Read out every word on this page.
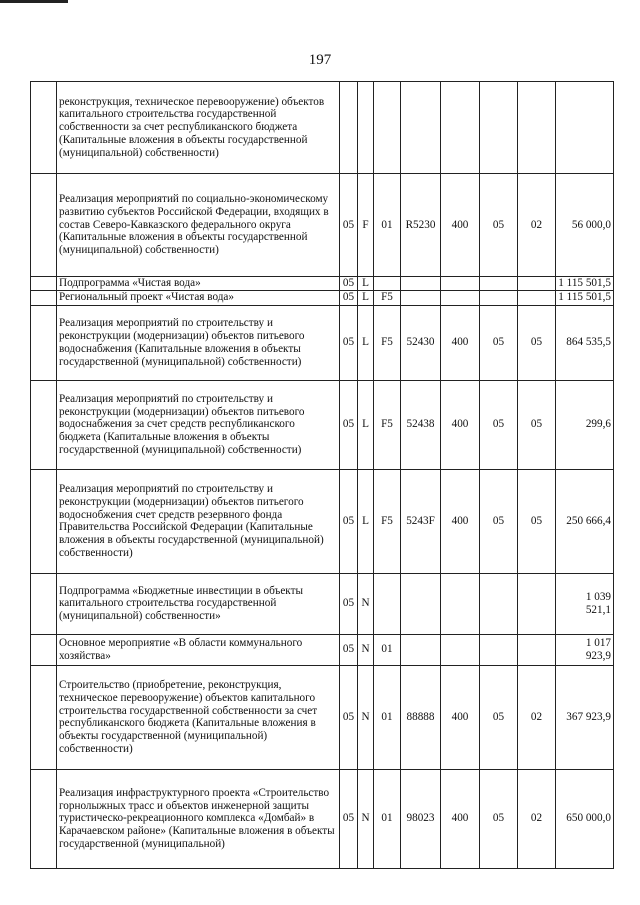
197
	реконструкция, техническое перевооружение) объектов капитального строительства государственной собственности за счет республиканского бюджета (Капитальные вложения в объекты государственной (муниципальной) собственности)								
	Реализация мероприятий по социально-экономическому развитию субъектов Российской Федерации, входящих в состав Северо-Кавказского федерального округа (Капитальные вложения в объекты государственной (муниципальной) собственности)	05	F	01	R5230	400	05	02	56 000,0
	Подпрограмма «Чистая вода»	05	L						1 115 501,5
	Региональный проект «Чистая вода»	05	L	F5					1 115 501,5
	Реализация мероприятий по строительству и реконструкции (модернизации) объектов питьевого водоснабжения (Капитальные вложения в объекты государственной (муниципальной) собственности)	05	L	F5	52430	400	05	05	864 535,5
	Реализация мероприятий по строительству и реконструкции (модернизации) объектов питьевого водоснабжения за счет средств республиканского бюджета (Капитальные вложения в объекты государственной (муниципальной) собственности)	05	L	F5	52438	400	05	05	299,6
	Реализация мероприятий по строительству и реконструкции (модернизации) объектов питьегого водоснобжения счет средств резервного фонда Правительства Российской Федерации (Капитальные вложения в объекты государственной (муниципальной) собственности)	05	L	F5	5243F	400	05	05	250 666,4
	Подпрограмма «Бюджетные инвестиции в объекты капитального строительства государственной (муниципальной) собственности»	05	N						1 039 521,1
	Основное мероприятие «В области коммунального хозяйства»	05	N	01					1 017 923,9
	Строительство (приобретение, реконструкция, техническое перевооружение) объектов капитального строительства государственной собственности за счет республиканского бюджета (Капитальные вложения в объекты государственной (муниципальной) собственности)	05	N	01	88888	400	05	02	367 923,9
	Реализация инфраструктурного проекта «Строительство горнолыжных трасс и объектов инженерной защиты туристическо-рекреационного комплекса «Домбай» в Карачаевском районе» (Капитальные вложения в объекты государственной (муниципальной)	05	N	01	98023	400	05	02	650 000,0
